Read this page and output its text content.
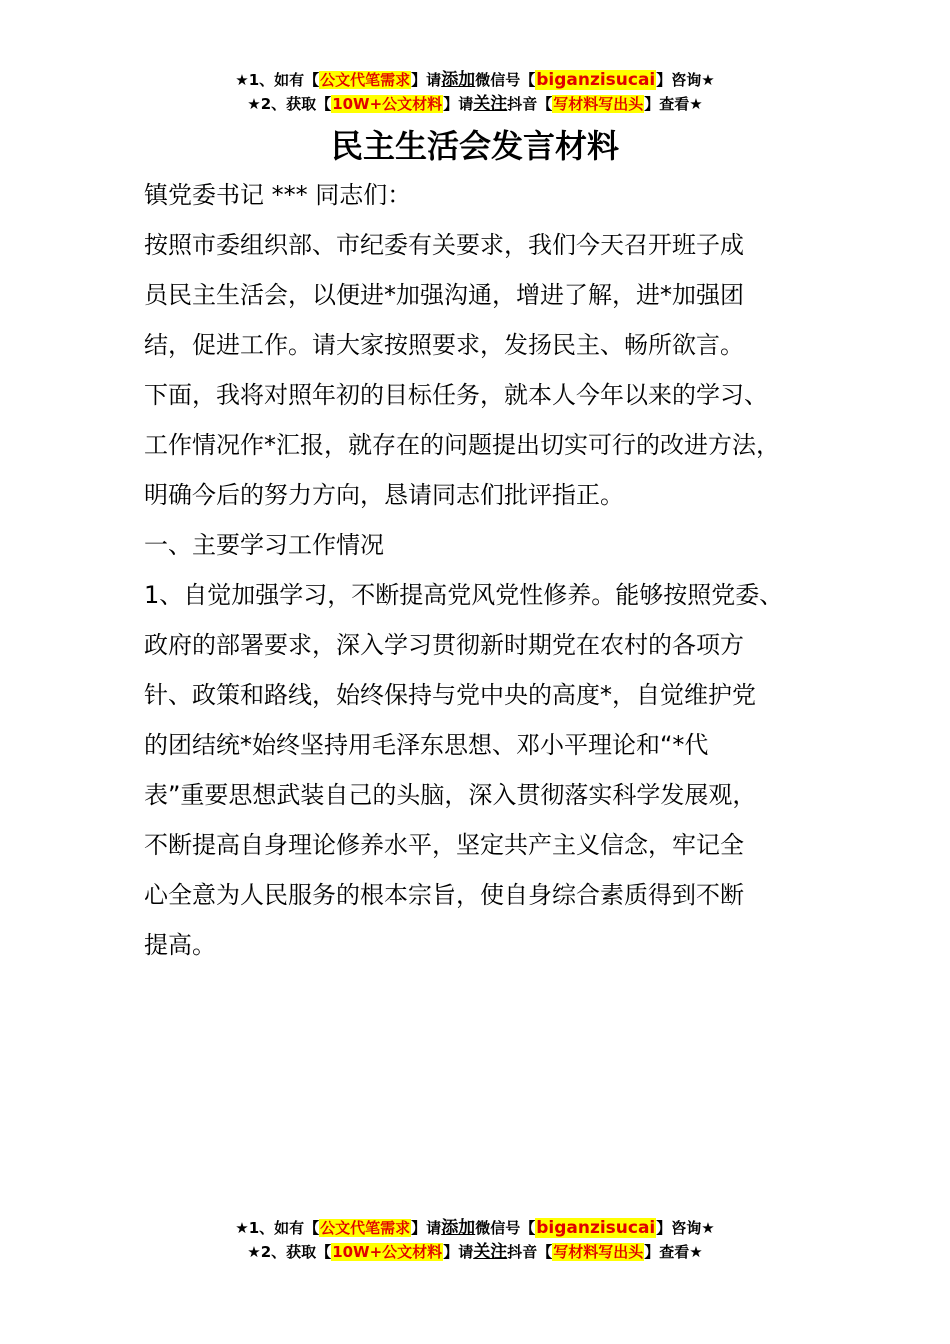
★1、如有【公文代笔需求】请添加微信号【biganzisucai】咨询★
★2、获取【10W+公文材料】请关注抖音【写材料写出头】查看★
民主生活会发言材料
镇党委书记 *** 同志们：
按照市委组织部、市纪委有关要求，我们今天召开班子成
员民主生活会，以便进*加强沟通，增进了解，进*加强团
结，促进工作。请大家按照要求，发扬民主、畅所欲言。
下面，我将对照年初的目标任务，就本人今年以来的学习、
工作情况作*汇报，就存在的问题提出切实可行的改进方法，
明确今后的努力方向，恳请同志们批评指正。
一、主要学习工作情况
1、自觉加强学习，不断提高党风党性修养。能够按照党委、
政府的部署要求，深入学习贯彻新时期党在农村的各项方
针、政策和路线，始终保持与党中央的高度*，自觉维护党
的团结统*始终坚持用毛泽东思想、邓小平理论和“*代
表”重要思想武装自己的头脑，深入贯彻落实科学发展观，
不断提高自身理论修养水平，坚定共产主义信念，牢记全
心全意为人民服务的根本宗旨，使自身综合素质得到不断
提高。
★1、如有【公文代笔需求】请添加微信号【biganzisucai】咨询★
★2、获取【10W+公文材料】请关注抖音【写材料写出头】查看★
